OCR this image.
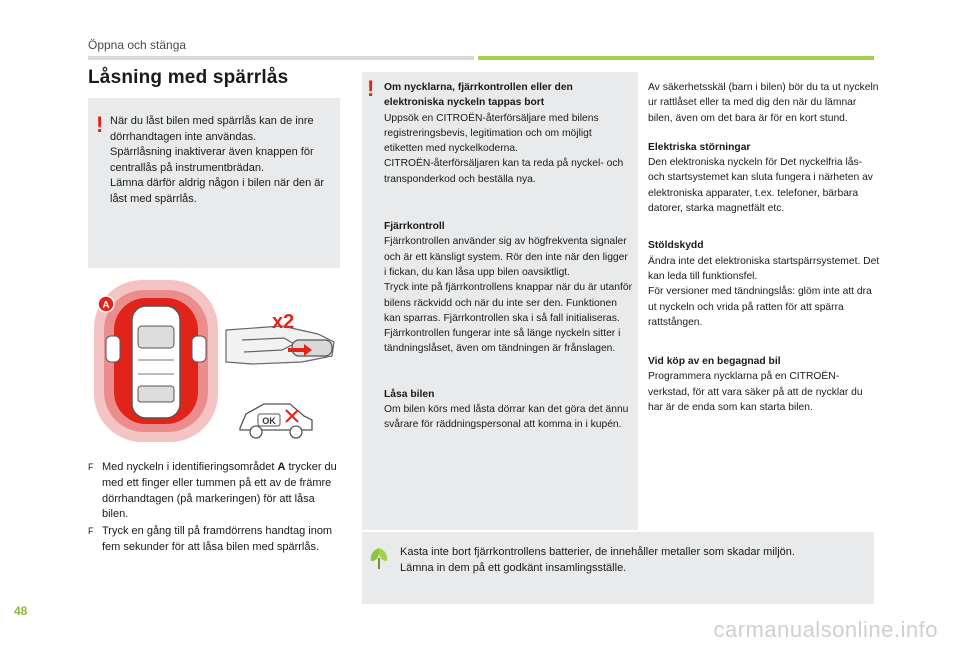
Öppna och stänga
Låsning med spärrlås
! När du låst bilen med spärrlås kan de inre dörrhandtagen inte användas.
Spärrlåsning inaktiverar även knappen för centrallås på instrumentbrädan.
Lämna därför aldrig någon i bilen när den är låst med spärrlås.
A
x2
OK
F Med nyckeln i identifieringsområdet A trycker du med ett finger eller tummen på ett av de främre dörrhandtagen (på markeringen) för att låsa bilen.
F Tryck en gång till på framdörrens handtag inom fem sekunder för att låsa bilen med spärrlås.
! Om nycklarna, fjärrkontrollen eller den elektroniska nyckeln tappas bort
Uppsök en CITROËN-återförsäljare med bilens registreringsbevis, legitimation och om möjligt etiketten med nyckelkoderna.
CITROËN-återförsäljaren kan ta reda på nyckel- och transponderkod och beställa nya.
Fjärrkontroll
Fjärrkontrollen använder sig av högfrekventa signaler och är ett känsligt system. Rör den inte när den ligger i fickan, du kan låsa upp bilen oavsiktligt.
Tryck inte på fjärrkontrollens knappar när du är utanför bilens räckvidd och när du inte ser den. Funktionen kan sparras. Fjärrkontrollen ska i så fall initialiseras.
Fjärrkontrollen fungerar inte så länge nyckeln sitter i tändningslåset, även om tändningen är frånslagen.
Låsa bilen
Om bilen körs med låsta dörrar kan det göra det ännu svårare för räddningspersonal att komma in i kupén.
Av säkerhetsskäl (barn i bilen) bör du ta ut nyckeln ur rattlåset eller ta med dig den när du lämnar bilen, även om det bara är för en kort stund.
Elektriska störningar
Den elektroniska nyckeln för Det nyckelfria lås- och startsystemet kan sluta fungera i närheten av elektroniska apparater, t.ex. telefoner, bärbara datorer, starka magnetfält etc.
Stöldskydd
Ändra inte det elektroniska startspärrsystemet. Det kan leda till funktionsfel.
För versioner med tändningslås: glöm inte att dra ut nyckeln och vrida på ratten för att spärra rattstången.
Vid köp av en begagnad bil
Programmera nycklarna på en CITROËN-verkstad, för att vara säker på att de nycklar du har är de enda som kan starta bilen.
Kasta inte bort fjärrkontrollens batterier, de innehåller metaller som skadar miljön.
Lämna in dem på ett godkänt insamlingsställe.
48
carmanualsonline.info
